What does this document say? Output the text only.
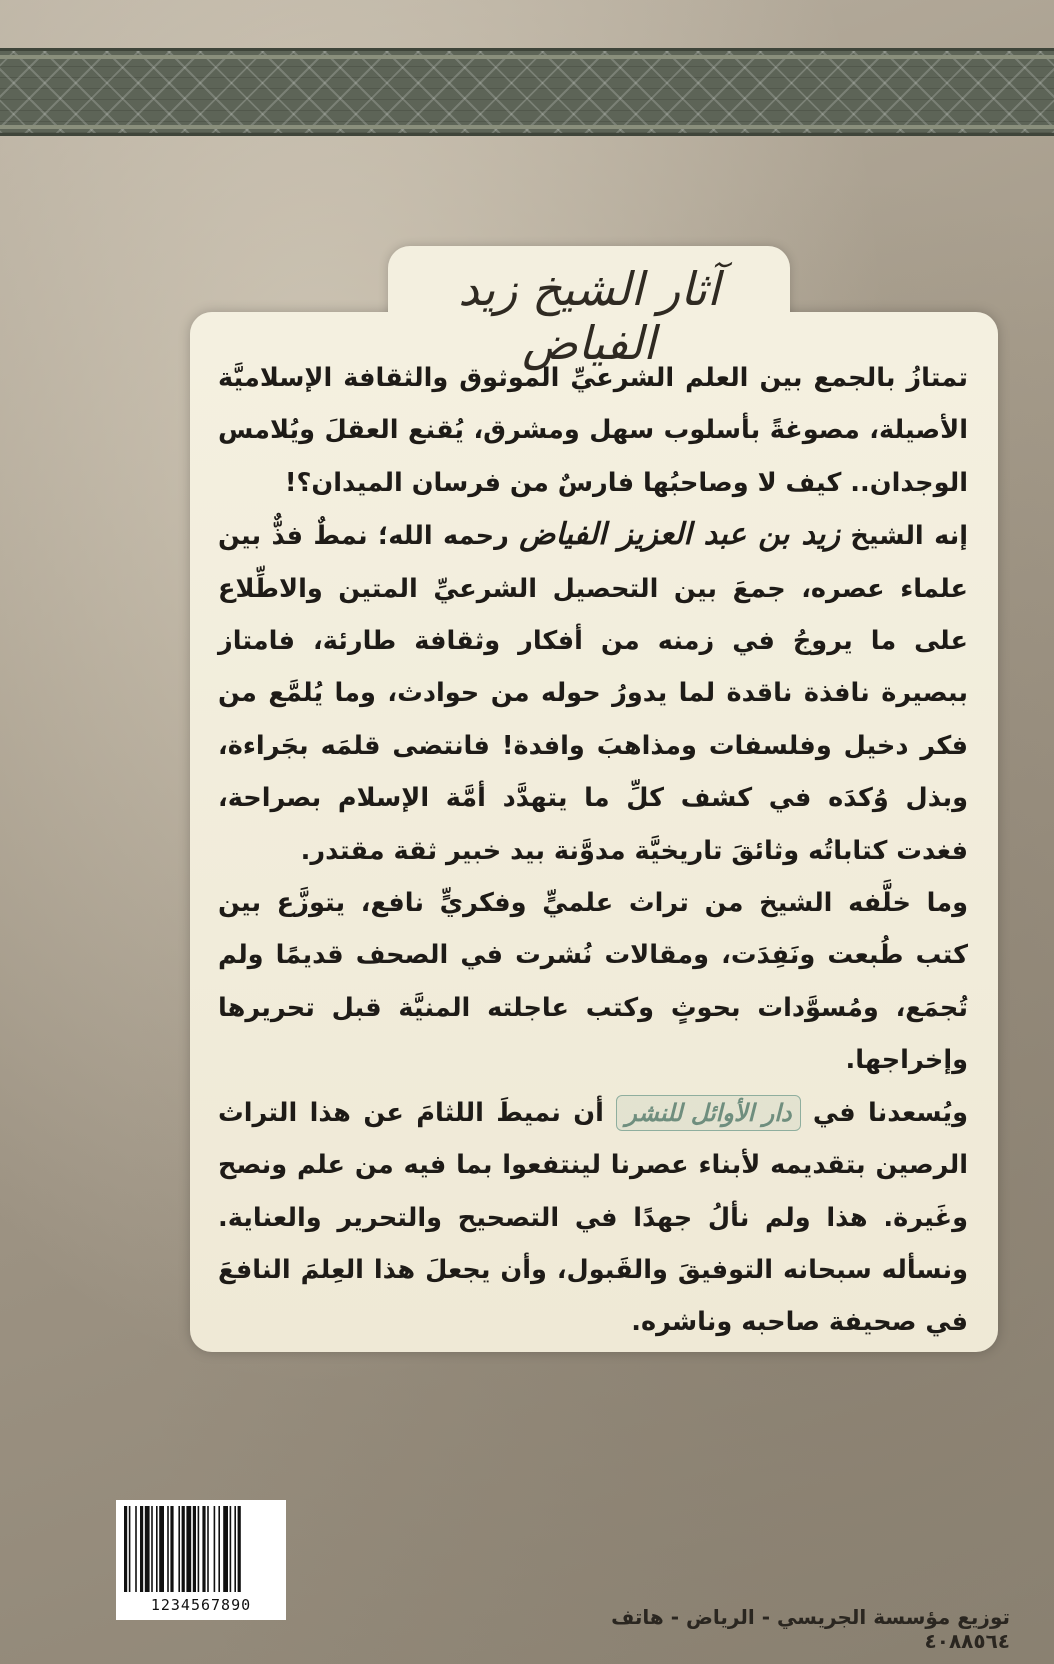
آثار الشيخ زيد الفياض

تمتازُ بالجمع بين العلم الشرعيِّ الموثوق والثقافة الإسلاميَّة الأصيلة، مصوغةً بأسلوب سهل ومشرق، يُقنع العقلَ ويُلامس الوجدان.. كيف لا وصاحبُها فارسٌ من فرسان الميدان؟!

إنه الشيخ زيد بن عبد العزيز الفياض رحمه الله؛ نمطٌ فذٌّ بين علماء عصره، جمعَ بين التحصيل الشرعيِّ المتين والاطِّلاع على ما يروجُ في زمنه من أفكار وثقافة طارئة، فامتاز ببصيرة نافذة ناقدة لما يدورُ حوله من حوادث، وما يُلمَّع من فكر دخيل وفلسفات ومذاهبَ وافدة! فانتضى قلمَه بجَراءة، وبذل وُكدَه في كشف كلِّ ما يتهدَّد أمَّة الإسلام بصراحة، فغدت كتاباتُه وثائقَ تاريخيَّة مدوَّنة بيد خبير ثقة مقتدر.

وما خلَّفه الشيخ من تراث علميٍّ وفكريٍّ نافع، يتوزَّع بين كتب طُبعت ونَفِدَت، ومقالات نُشرت في الصحف قديمًا ولم تُجمَع، ومُسوَّدات بحوثٍ وكتب عاجلته المنيَّة قبل تحريرها وإخراجها.

ويُسعدنا في دار الأوائل للنشر أن نميطَ اللثامَ عن هذا التراث الرصين بتقديمه لأبناء عصرنا لينتفعوا بما فيه من علم ونصح وغَيرة. هذا ولم نألُ جهدًا في التصحيح والتحرير والعناية. ونسأله سبحانه التوفيقَ والقَبول، وأن يجعلَ هذا العِلمَ النافعَ في صحيفة صاحبه وناشره.

1234567890	توزيع مؤسسة الجريسي - الرياض - هاتف ٤٠٨٨٥٦٤
